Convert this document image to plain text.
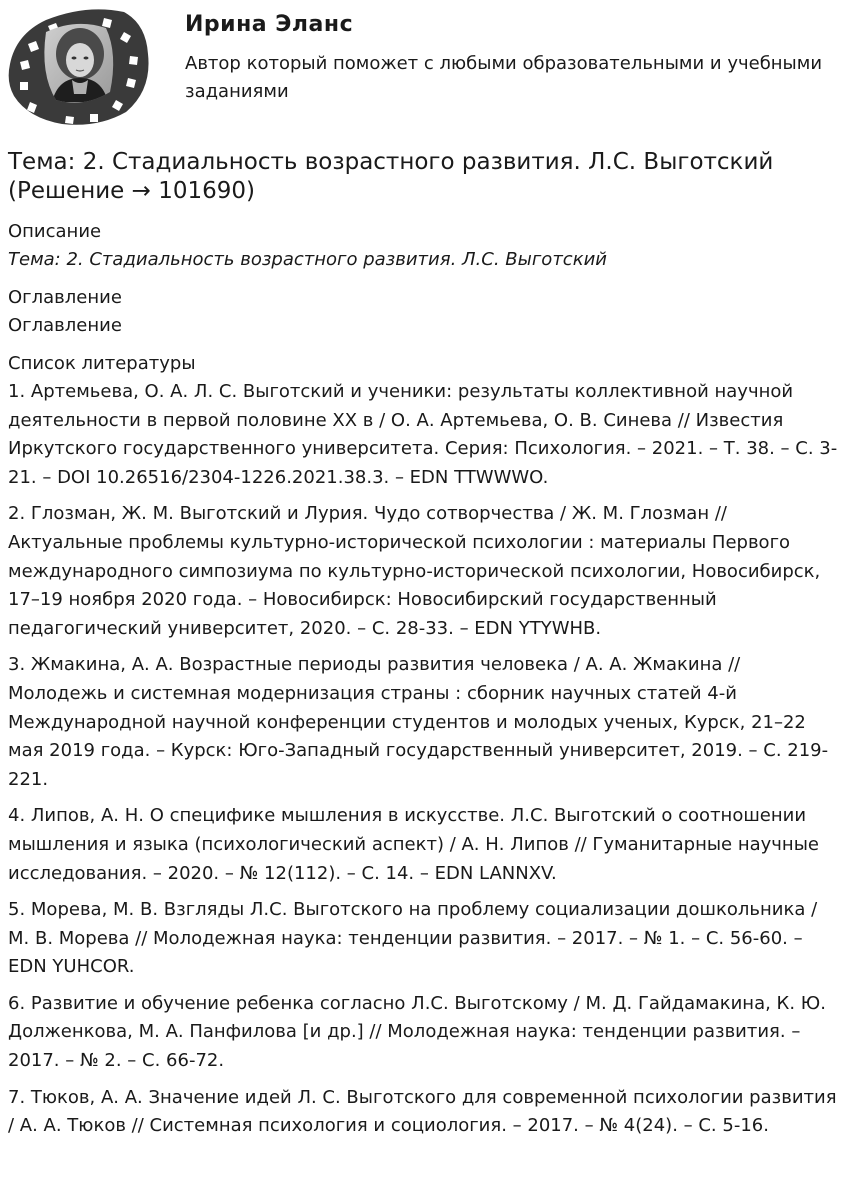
Ирина Эланс
Автор который поможет с любыми образовательными и учебными заданиями
Тема: 2. Стадиальность возрастного развития. Л.С. Выготский (Решение → 101690)
Описание
Тема: 2. Стадиальность возрастного развития. Л.С. Выготский
Оглавление
Оглавление
Список литературы
1. Артемьева, О. А. Л. С. Выготский и ученики: результаты коллективной научной деятельности в первой половине XX в / О. А. Артемьева, О. В. Синева // Известия Иркутского государственного университета. Серия: Психология. – 2021. – Т. 38. – С. 3-21. – DOI 10.26516/2304-1226.2021.38.3. – EDN TTWWWO.
2. Глозман, Ж. М. Выготский и Лурия. Чудо сотворчества / Ж. М. Глозман // Актуальные проблемы культурно-исторической психологии : материалы Первого международного симпозиума по культурно-исторической психологии, Новосибирск, 17–19 ноября 2020 года. – Новосибирск: Новосибирский государственный педагогический университет, 2020. – С. 28-33. – EDN YTYWHB.
3. Жмакина, А. А. Возрастные периоды развития человека / А. А. Жмакина // Молодежь и системная модернизация страны : сборник научных статей 4-й Международной научной конференции студентов и молодых ученых, Курск, 21–22 мая 2019 года. – Курск: Юго-Западный государственный университет, 2019. – С. 219-221.
4. Липов, А. Н. О специфике мышления в искусстве. Л.С. Выготский о соотношении мышления и языка (психологический аспект) / А. Н. Липов // Гуманитарные научные исследования. – 2020. – № 12(112). – С. 14. – EDN LANNXV.
5. Морева, М. В. Взгляды Л.С. Выготского на проблему социализации дошкольника / М. В. Морева // Молодежная наука: тенденции развития. – 2017. – № 1. – С. 56-60. – EDN YUHCOR.
6. Развитие и обучение ребенка согласно Л.С. Выготскому / М. Д. Гайдамакина, К. Ю. Долженкова, М. А. Панфилова [и др.] // Молодежная наука: тенденции развития. – 2017. – № 2. – С. 66-72.
7. Тюков, А. А. Значение идей Л. С. Выготского для современной психологии развития / А. А. Тюков // Системная психология и социология. – 2017. – № 4(24). – С. 5-16.
